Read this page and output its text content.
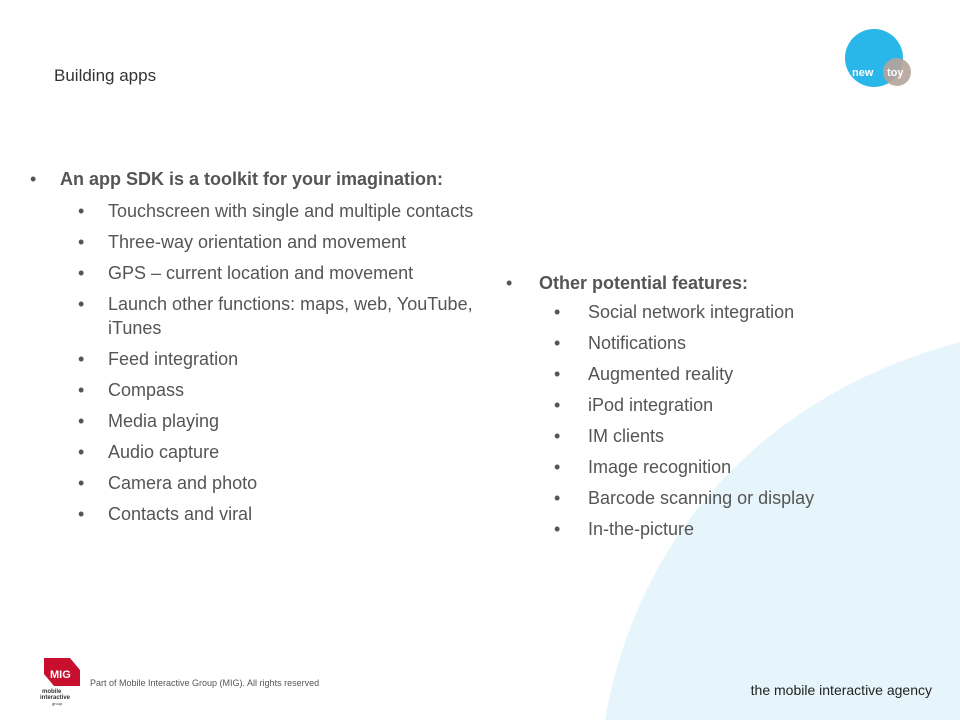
Building apps	new toy
• An app SDK is a toolkit for your imagination:
• Touchscreen with single and multiple contacts
• Three-way orientation and movement
• GPS – current location and movement
• Launch other functions: maps, web, YouTube, iTunes
• Feed integration
• Compass
• Media playing
• Audio capture
• Camera and photo
• Contacts and viral
• Other potential features:
• Social network integration
• Notifications
• Augmented reality
• iPod integration
• IM clients
• Image recognition
• Barcode scanning or display
• In-the-picture
MIG
mobile
interactive
group
Part of Mobile Interactive Group (MIG). All rights reserved	the mobile interactive agency
